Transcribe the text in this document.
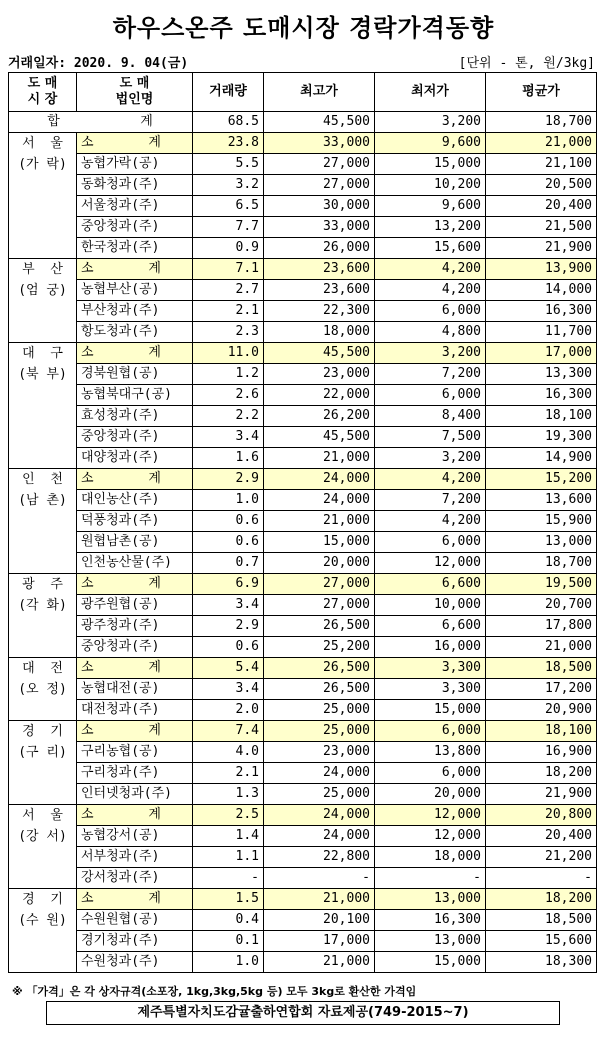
하우스온주 도매시장 경락가격동향
거래일자: 2020. 9. 04(금)	[단위 - 톤, 원/3kg]
도 매
시 장	도 매
법인명	거래량	최고가	최저가	평균가
합         계		68.5	45,500	3,200	18,700

서  울
(가 락)	소       계	23.8	33,000	9,600	21,000
	농협가락(공)	5.5	27,000	15,000	21,100
	동화청과(주)	3.2	27,000	10,200	20,500
	서울청과(주)	6.5	30,000	9,600	20,400
	중앙청과(주)	7.7	33,000	13,200	21,500
	한국청과(주)	0.9	26,000	15,600	21,900

부  산
(엄 궁)	소       계	7.1	23,600	4,200	13,900
	농협부산(공)	2.7	23,600	4,200	14,000
	부산청과(주)	2.1	22,300	6,000	16,300
	항도청과(주)	2.3	18,000	4,800	11,700

대  구
(북 부)	소       계	11.0	45,500	3,200	17,000
	경북원협(공)	1.2	23,000	7,200	13,300
	농협북대구(공)	2.6	22,000	6,000	16,300
	효성청과(주)	2.2	26,200	8,400	18,100
	중앙청과(주)	3.4	45,500	7,500	19,300
	대양청과(주)	1.6	21,000	3,200	14,900

인  천
(남 촌)	소       계	2.9	24,000	4,200	15,200
	대인농산(주)	1.0	24,000	7,200	13,600
	덕풍청과(주)	0.6	21,000	4,200	15,900
	원협남촌(공)	0.6	15,000	6,000	13,000
	인천농산물(주)	0.7	20,000	12,000	18,700

광  주
(각 화)	소       계	6.9	27,000	6,600	19,500
	광주원협(공)	3.4	27,000	10,000	20,700
	광주청과(주)	2.9	26,500	6,600	17,800
	중앙청과(주)	0.6	25,200	16,000	21,000

대  전
(오 정)	소       계	5.4	26,500	3,300	18,500
	농협대전(공)	3.4	26,500	3,300	17,200
	대전청과(주)	2.0	25,000	15,000	20,900

경  기
(구 리)	소       계	7.4	25,000	6,000	18,100
	구리농협(공)	4.0	23,000	13,800	16,900
	구리청과(주)	2.1	24,000	6,000	18,200
	인터넷청과(주)	1.3	25,000	20,000	21,900

서  울
(강 서)	소       계	2.5	24,000	12,000	20,800
	농협강서(공)	1.4	24,000	12,000	20,400
	서부청과(주)	1.1	22,800	18,000	21,200
	강서청과(주)	-	-	-	-

경  기
(수 원)	소       계	1.5	21,000	13,000	18,200
	수원원협(공)	0.4	20,100	16,300	18,500
	경기청과(주)	0.1	17,000	13,000	15,600
	수원청과(주)	1.0	21,000	15,000	18,300
※ 「가격」은 각 상자규격(소포장, 1kg,3kg,5kg 등) 모두 3kg로 환산한 가격임
제주특별자치도감귤출하연합회 자료제공(749-2015~7)
